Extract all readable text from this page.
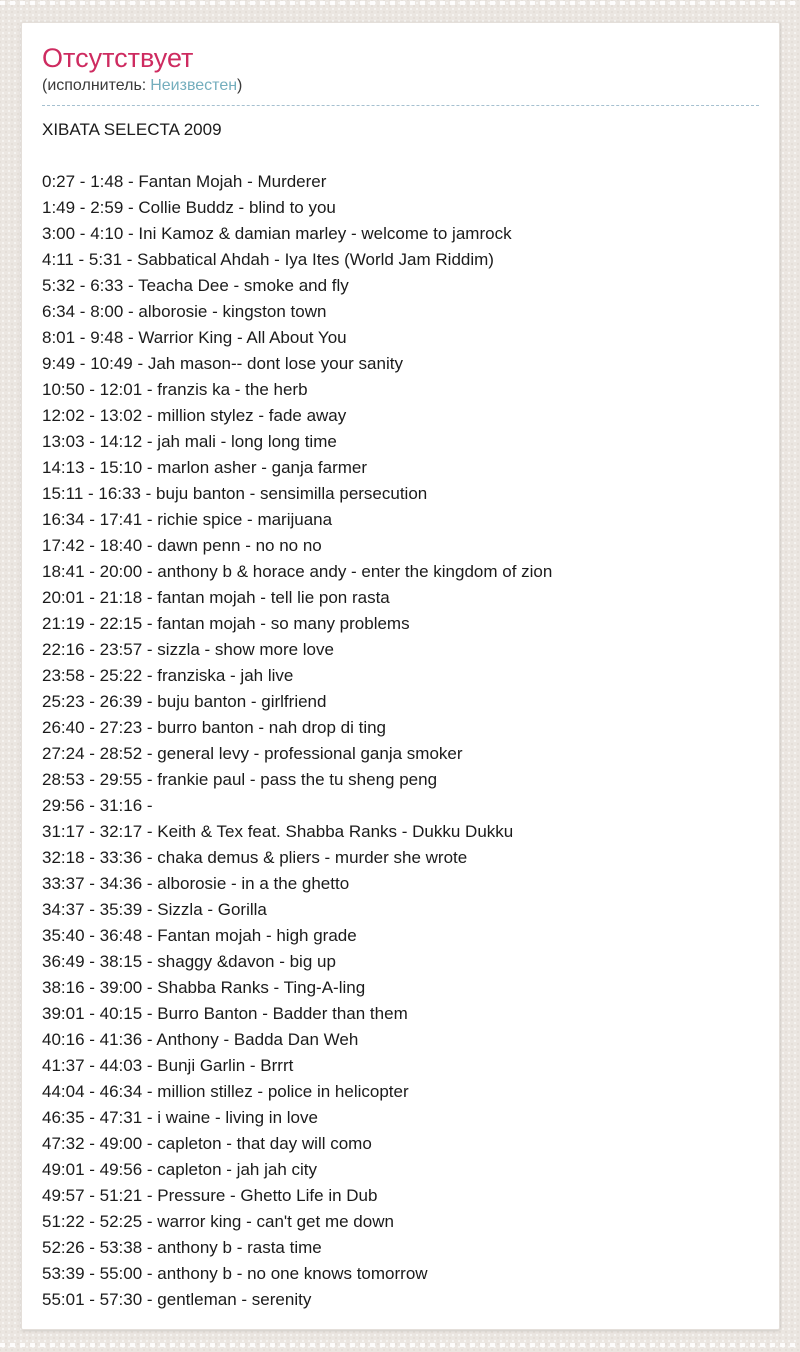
Отсутствует
(исполнитель: Неизвестен)
XIBATA SELECTA 2009
0:27 - 1:48 - Fantan Mojah - Murderer
1:49 - 2:59 - Collie Buddz - blind to you
3:00 - 4:10 - Ini Kamoz & damian marley - welcome to jamrock
4:11 - 5:31 - Sabbatical Ahdah - Iya Ites (World Jam Riddim)
5:32 - 6:33 - Teacha Dee - smoke and fly
6:34 - 8:00 - alborosie - kingston town
8:01 - 9:48 - Warrior King - All About You
9:49 - 10:49 - Jah mason-- dont lose your sanity
10:50 - 12:01 - franzis ka - the herb
12:02 - 13:02 - million stylez - fade away
13:03 - 14:12 - jah mali - long long time
14:13 - 15:10 - marlon asher - ganja farmer
15:11 - 16:33 - buju banton - sensimilla persecution
16:34 - 17:41 - richie spice - marijuana
17:42 - 18:40 - dawn penn - no no no
18:41 - 20:00 - anthony b & horace andy - enter the kingdom of zion
20:01 - 21:18 - fantan mojah - tell lie pon rasta
21:19 - 22:15 - fantan mojah - so many problems
22:16 - 23:57 - sizzla - show more love
23:58 - 25:22 - franziska - jah live
25:23 - 26:39 - buju banton - girlfriend
26:40 - 27:23 - burro banton - nah drop di ting
27:24 - 28:52 - general levy - professional ganja smoker
28:53 - 29:55 - frankie paul - pass the tu sheng peng
29:56 - 31:16 -
31:17 - 32:17 - Keith & Tex feat. Shabba Ranks - Dukku Dukku
32:18 - 33:36 - chaka demus & pliers - murder she wrote
33:37 - 34:36 - alborosie - in a the ghetto
34:37 - 35:39 - Sizzla - Gorilla
35:40 - 36:48 - Fantan mojah - high grade
36:49 - 38:15 - shaggy &davon - big up
38:16 - 39:00 - Shabba Ranks - Ting-A-ling
39:01 - 40:15 - Burro Banton - Badder than them
40:16 - 41:36 - Anthony - Badda Dan Weh
41:37 - 44:03 - Bunji Garlin - Brrrt
44:04 - 46:34 - million stillez - police in helicopter
46:35 - 47:31 - i waine - living in love
47:32 - 49:00 - capleton - that day will como
49:01 - 49:56 - capleton - jah jah city
49:57 - 51:21 - Pressure - Ghetto Life in Dub
51:22 - 52:25 - warror king - can't get me down
52:26 - 53:38 - anthony b - rasta time
53:39 - 55:00 - anthony b - no one knows tomorrow
55:01 - 57:30 - gentleman - serenity
